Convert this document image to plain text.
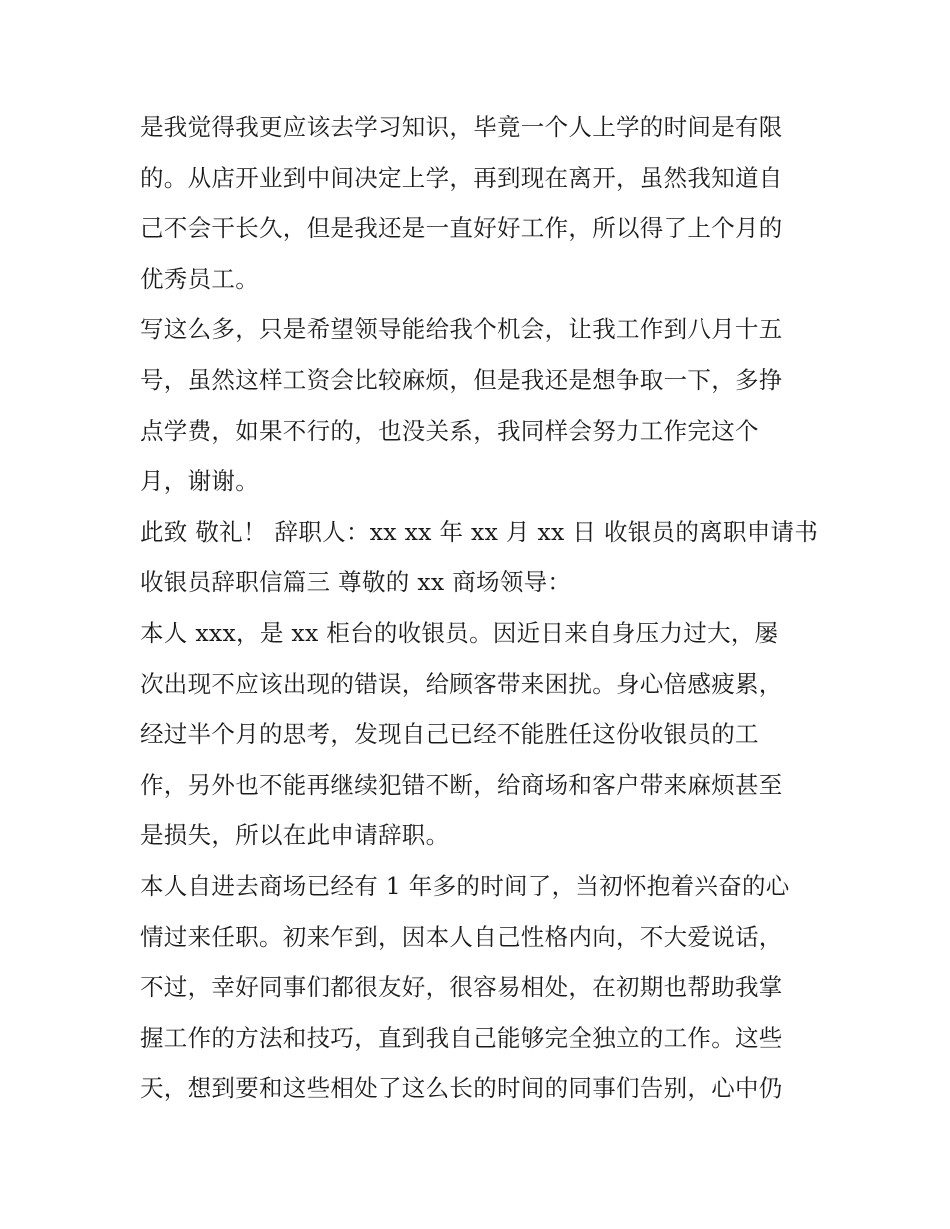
是我觉得我更应该去学习知识，毕竟一个人上学的时间是有限
的。从店开业到中间决定上学，再到现在离开，虽然我知道自
己不会干长久，但是我还是一直好好工作，所以得了上个月的
优秀员工。
写这么多，只是希望领导能给我个机会，让我工作到八月十五
号，虽然这样工资会比较麻烦，但是我还是想争取一下，多挣
点学费，如果不行的，也没关系，我同样会努力工作完这个
月，谢谢。
此致 敬礼！ 辞职人：xx xx 年 xx 月 xx 日 收银员的离职申请书
收银员辞职信篇三 尊敬的 xx 商场领导：
本人 xxx，是 xx 柜台的收银员。因近日来自身压力过大，屡
次出现不应该出现的错误，给顾客带来困扰。身心倍感疲累，
经过半个月的思考，发现自己已经不能胜任这份收银员的工
作，另外也不能再继续犯错不断，给商场和客户带来麻烦甚至
是损失，所以在此申请辞职。
本人自进去商场已经有 1 年多的时间了，当初怀抱着兴奋的心
情过来任职。初来乍到，因本人自己性格内向，不大爱说话，
不过，幸好同事们都很友好，很容易相处，在初期也帮助我掌
握工作的方法和技巧，直到我自己能够完全独立的工作。这些
天，想到要和这些相处了这么长的时间的同事们告别，心中仍
